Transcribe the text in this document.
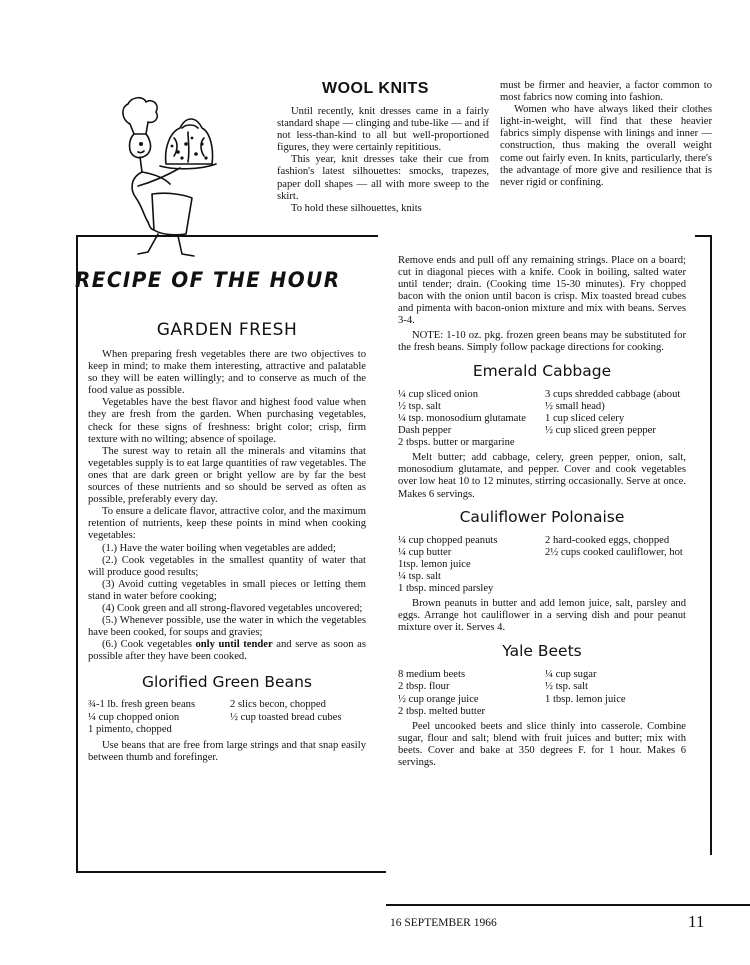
WOOL KNITS

Until recently, knit dresses came in a fairly standard shape — clinging and tube-like — and if not less-than-kind to all but well-proportioned figures, they were certainly repititious.

This year, knit dresses take their cue from fashion's latest silhouettes: smocks, trapezes, paper doll shapes — all with more sweep to the skirt.

To hold these silhouettes, knits

must be firmer and heavier, a factor common to most fabrics now coming into fashion.

Women who have always liked their clothes light-in-weight, will find that these heavier fabrics simply dispense with linings and inner — construction, thus making the overall weight come out fairly even. In knits, particularly, there's the advantage of more give and resilience that is never rigid or confining.

RECIPE OF THE HOUR
GARDEN FRESH

When preparing fresh vegetables there are two objectives to keep in mind; to make them interesting, attractive and palatable so they will be eaten willingly; and to conserve as much of the food value as possible.

Vegetables have the best flavor and highest food value when they are fresh from the garden. When purchasing vegetables, check for these signs of freshness: bright color; crisp, firm texture with no wilting; absence of spoilage.

The surest way to retain all the minerals and vitamins that vegetables supply is to eat large quantities of raw vegetables. The ones that are dark green or bright yellow are by far the best sources of these nutrients and so should be served as often as possible, preferably every day.

To ensure a delicate flavor, attractive color, and the maximum retention of nutrients, keep these points in mind when cooking vegetables:

(1.) Have the water boiling when vegetables are added;

(2.) Cook vegetables in the smallest quantity of water that will produce good results;

(3) Avoid cutting vegetables in small pieces or letting them stand in water before cooking;

(4) Cook green and all strong-flavored vegetables uncovered;

(5.) Whenever possible, use the water in which the vegetables have been cooked, for soups and gravies;

(6.) Cook vegetables only until tender and serve as soon as possible after they have been cooked.

Glorified Green Beans

¾-1 lb. fresh green beans

¼ cup chopped onion

1 pimento, chopped

2 slics becon, chopped

½ cup toasted bread cubes

Use beans that are free from large strings and that snap easily between thumb and forefinger.

Remove ends and pull off any remaining strings. Place on a board; cut in diagonal pieces with a knife. Cook in boiling, salted water until tender; drain. (Cooking time 15-30 minutes). Fry chopped bacon with the onion until bacon is crisp. Mix toasted bread cubes and pimenta with bacon-onion mixture and mix with beans. Serves 3-4.

NOTE: 1-10 oz. pkg. frozen green beans may be substituted for the fresh beans. Simply follow package directions for cooking.

Emerald Cabbage

¼ cup sliced onion

½ tsp. salt

¼ tsp. monosodium glutamate

Dash pepper

2 tbsps. butter or margarine

3 cups shredded cabbage (about ½ small head)

1 cup sliced celery

½ cup sliced green pepper

Melt butter; add cabbage, celery, green pepper, onion, salt, monosodium glutamate, and pepper. Cover and cook vegetables over low heat 10 to 12 minutes, stirring occasionally. Serve at once. Makes 6 servings.

Cauliflower Polonaise

¼ cup chopped peanuts

¼ cup butter

1tsp. lemon juice

¼ tsp. salt

1 tbsp. minced parsley

2 hard-cooked eggs, chopped

2½ cups cooked cauliflower, hot

Brown peanuts in butter and add lemon juice, salt, parsley and eggs. Arrange hot cauliflower in a serving dish and pour peanut mixture over it. Serves 4.

Yale Beets

8 medium beets

2 tbsp. flour

½ cup orange juice

2 tbsp. melted butter

¼ cup sugar

½ tsp. salt

1 tbsp. lemon juice

Peel uncooked beets and slice thinly into casserole. Combine sugar, flour and salt; blend with fruit juices and butter; mix with beets. Cover and bake at 350 degrees F. for 1 hour. Makes 6 servings.

16 SEPTEMBER 1966	11
